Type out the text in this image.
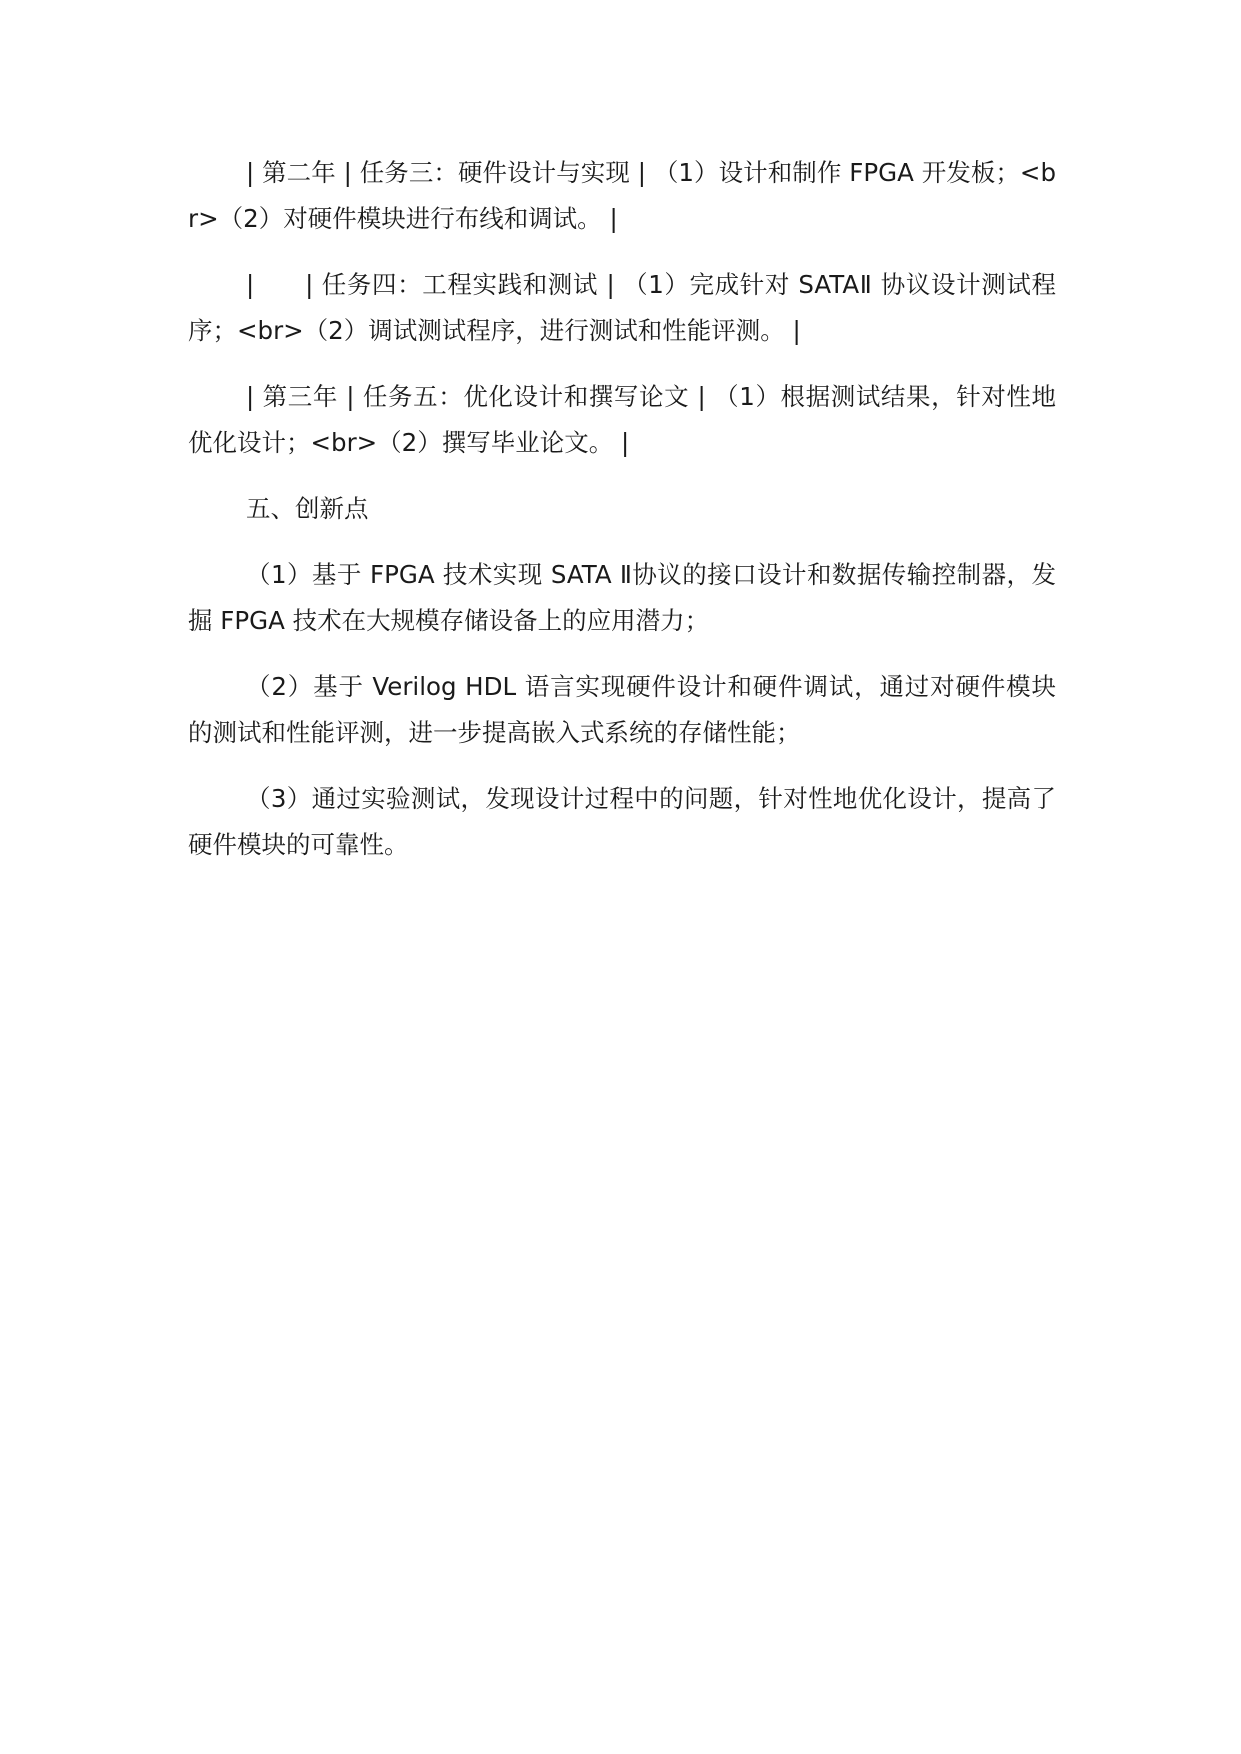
| 第二年 | 任务三：硬件设计与实现 | （1）设计和制作 FPGA 开发板；<br>（2）对硬件模块进行布线和调试。 |

|　　| 任务四：工程实践和测试 | （1）完成针对 SATAⅡ 协议设计测试程序；<br>（2）调试测试程序，进行测试和性能评测。 |

| 第三年 | 任务五：优化设计和撰写论文 | （1）根据测试结果，针对性地优化设计；<br>（2）撰写毕业论文。 |

五、创新点

（1）基于 FPGA 技术实现 SATA Ⅱ协议的接口设计和数据传输控制器，发掘 FPGA 技术在大规模存储设备上的应用潜力；

（2）基于 Verilog HDL 语言实现硬件设计和硬件调试，通过对硬件模块的测试和性能评测，进一步提高嵌入式系统的存储性能；

（3）通过实验测试，发现设计过程中的问题，针对性地优化设计，提高了硬件模块的可靠性。
